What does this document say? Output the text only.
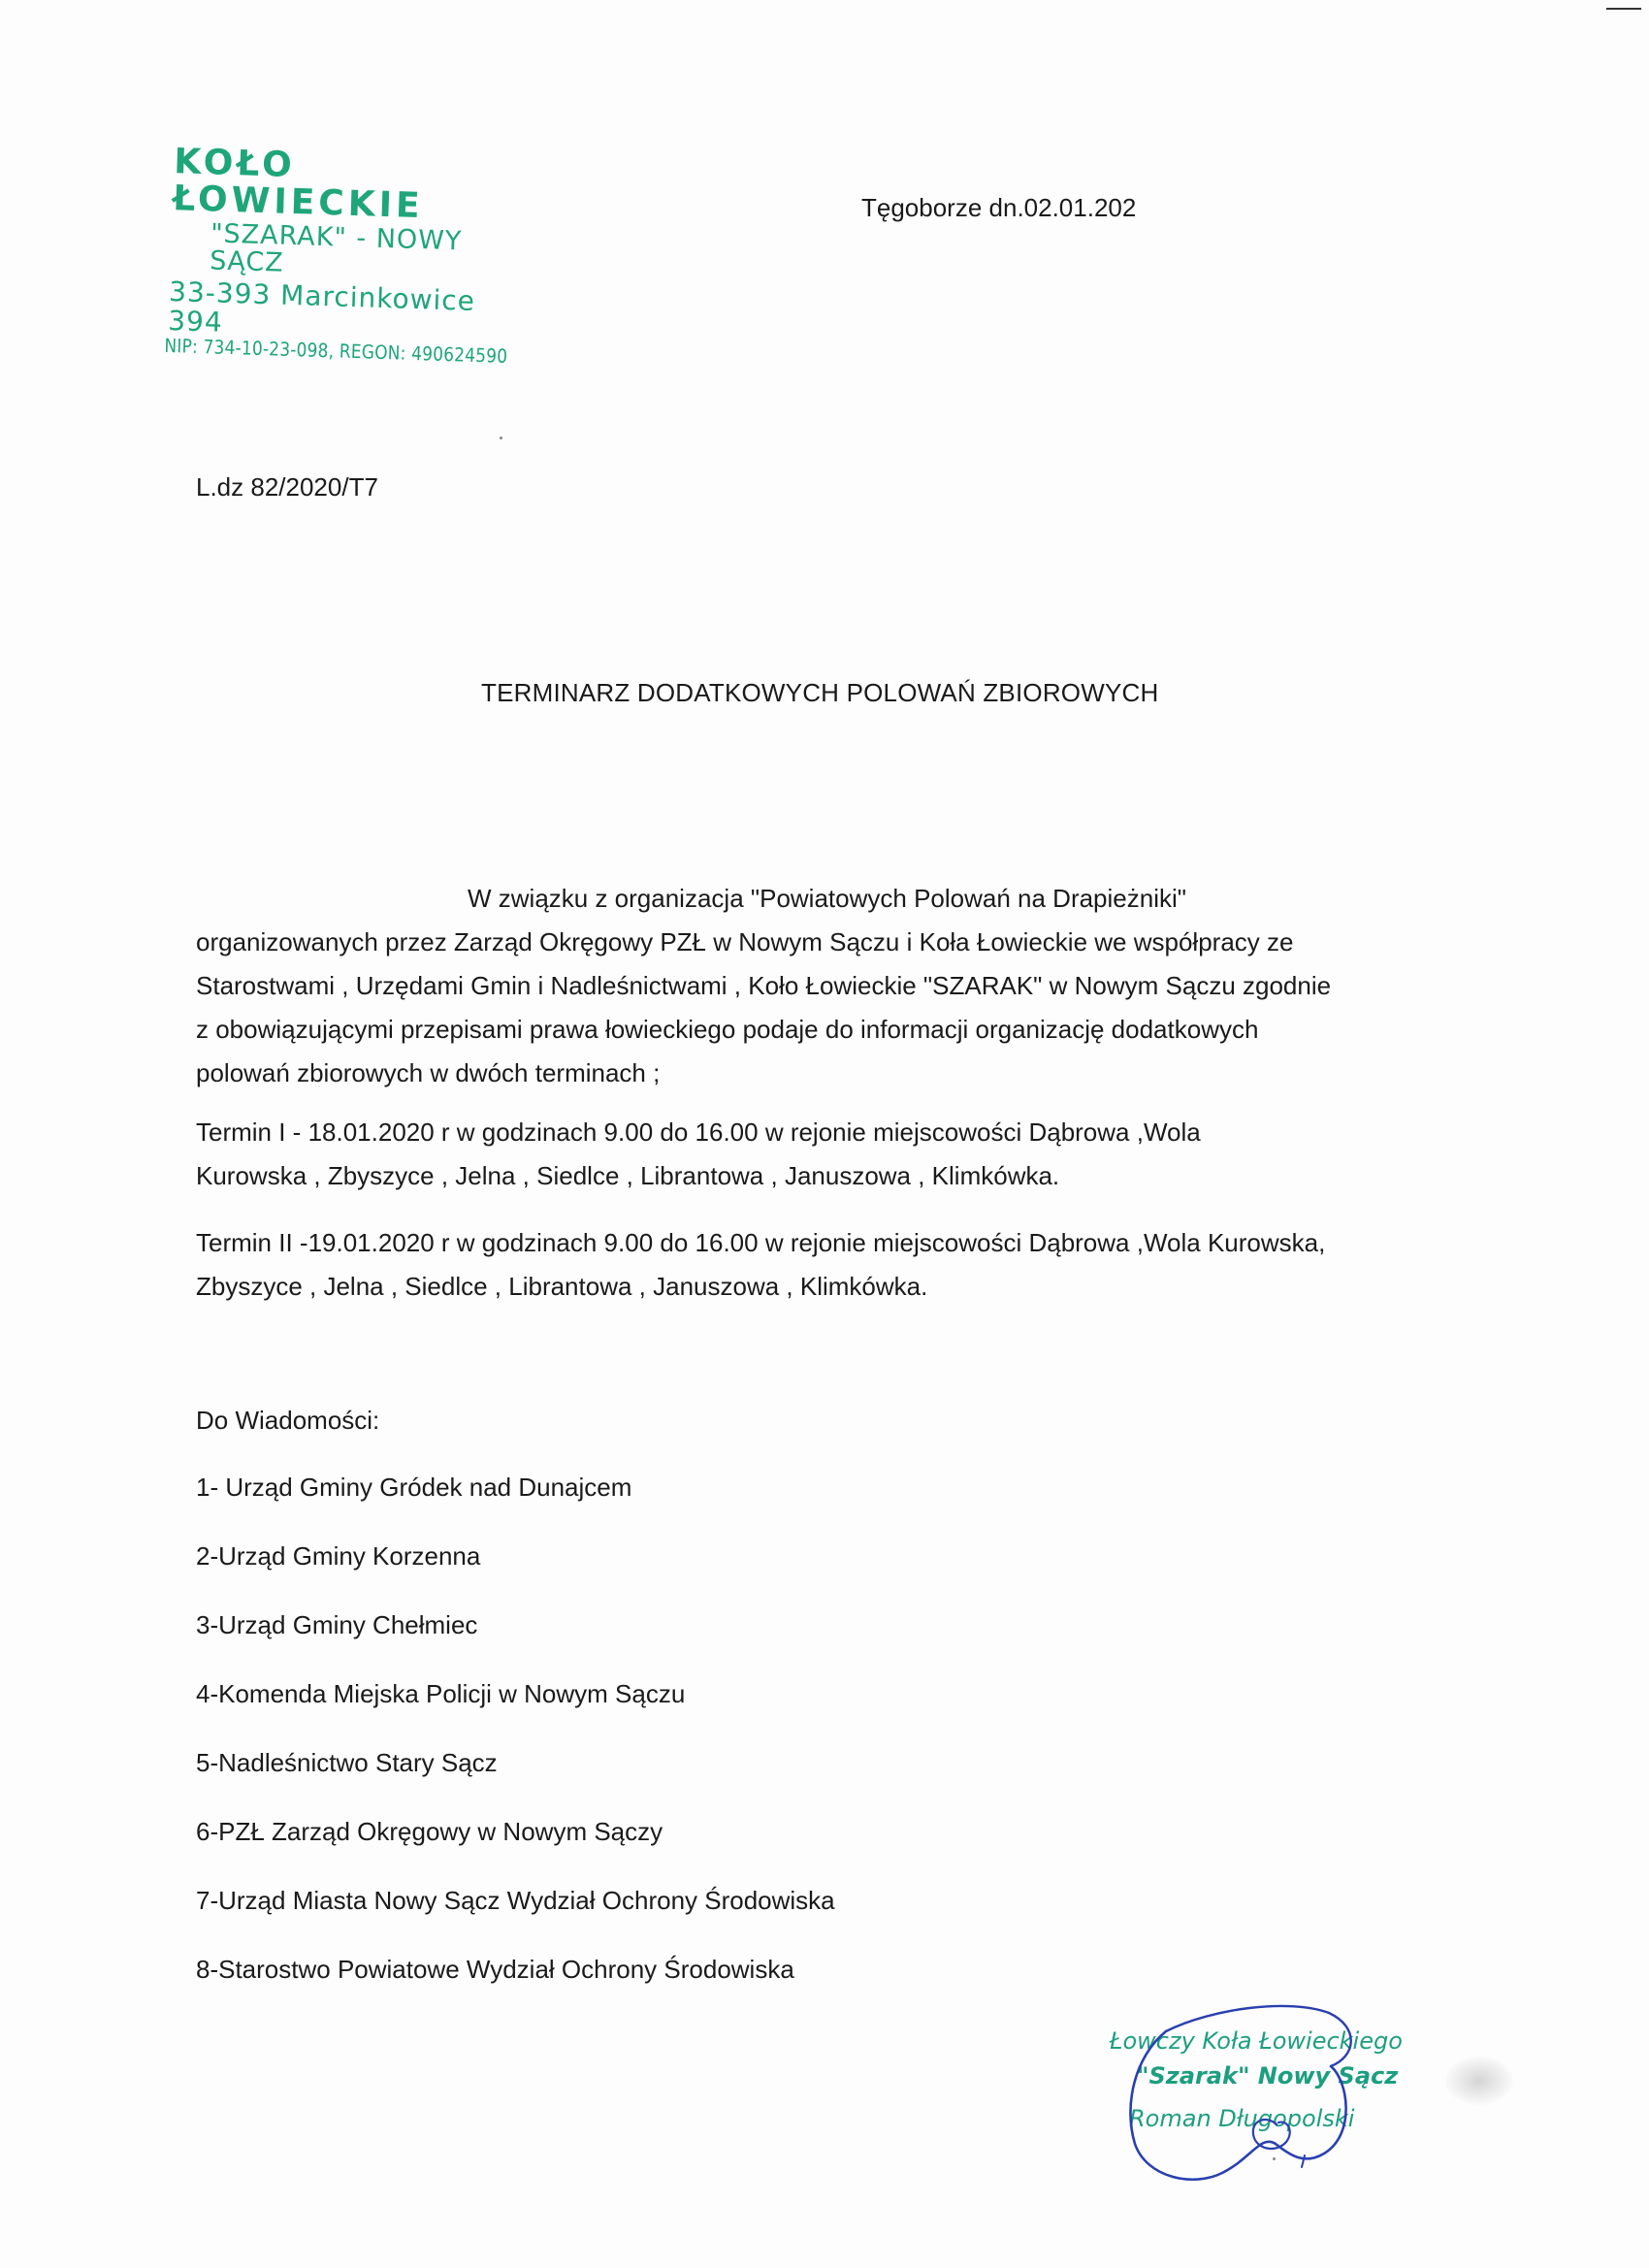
KOŁO ŁOWIECKIE
"SZARAK" - NOWY SĄCZ
33-393 Marcinkowice 394
NIP: 734-10-23-098, REGON: 490624590
Tęgoborze dn.02.01.202
L.dz 82/2020/T7
TERMINARZ DODATKOWYCH POLOWAŃ ZBIOROWYCH
W związku z organizacja "Powiatowych Polowań na Drapieżniki"
organizowanych przez Zarząd Okręgowy PZŁ w Nowym Sączu i Koła Łowieckie we współpracy ze
Starostwami , Urzędami Gmin i Nadleśnictwami , Koło Łowieckie "SZARAK" w Nowym Sączu zgodnie
z obowiązującymi przepisami prawa łowieckiego podaje do informacji organizację dodatkowych
polowań zbiorowych w dwóch terminach ;
Termin I - 18.01.2020 r w godzinach 9.00 do 16.00 w rejonie miejscowości Dąbrowa ,Wola
Kurowska , Zbyszyce , Jelna , Siedlce , Librantowa , Januszowa , Klimkówka.
Termin II -19.01.2020 r w godzinach 9.00 do 16.00 w rejonie miejscowości Dąbrowa ,Wola Kurowska,
Zbyszyce , Jelna , Siedlce , Librantowa , Januszowa , Klimkówka.
Do Wiadomości:
1- Urząd Gminy Gródek nad Dunajcem
2-Urząd Gminy Korzenna
3-Urząd Gminy Chełmiec
4-Komenda Miejska Policji w Nowym Sączu
5-Nadleśnictwo Stary Sącz
6-PZŁ Zarząd Okręgowy w Nowym Sączy
7-Urząd Miasta Nowy Sącz Wydział Ochrony Środowiska
8-Starostwo Powiatowe Wydział Ochrony Środowiska
Łowczy Koła Łowieckiego
"Szarak" Nowy Sącz
Roman Długopolski
